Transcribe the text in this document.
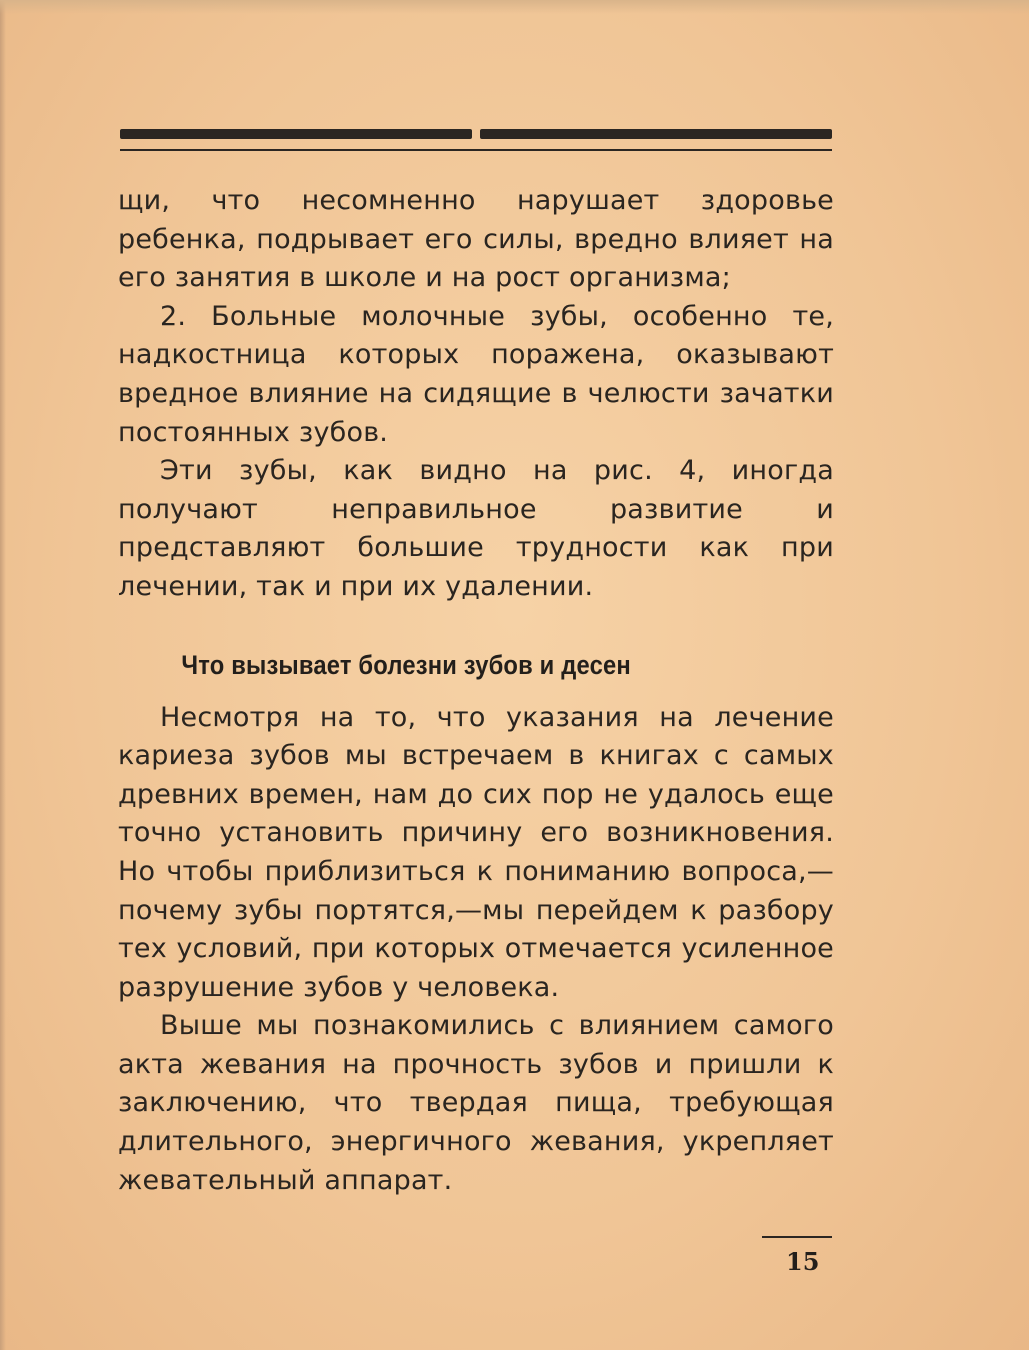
щи, что несомненно нарушает здоровье ребенка, подрывает его силы, вредно влияет на его занятия в школе и на рост организма;

2. Больные молочные зубы, особенно те, надкостница которых поражена, оказывают вредное влияние на сидящие в челюсти зачатки постоянных зубов.

Эти зубы, как видно на рис. 4, иногда получают неправильное развитие и представляют большие трудности как при лечении, так и при их удалении.

Что вызывает болезни зубов и десен

Несмотря на то, что указания на лечение кариеза зубов мы встречаем в книгах с самых древних времен, нам до сих пор не удалось еще точно установить причину его возникновения. Но чтобы приблизиться к пониманию вопроса,— почему зубы портятся,—мы перейдем к разбору тех условий, при которых отмечается усиленное разрушение зубов у человека.

Выше мы познакомились с влиянием самого акта жевания на прочность зубов и пришли к заключению, что твердая пища, требующая длительного, энергичного жевания, укрепляет жевательный аппарат.

15
